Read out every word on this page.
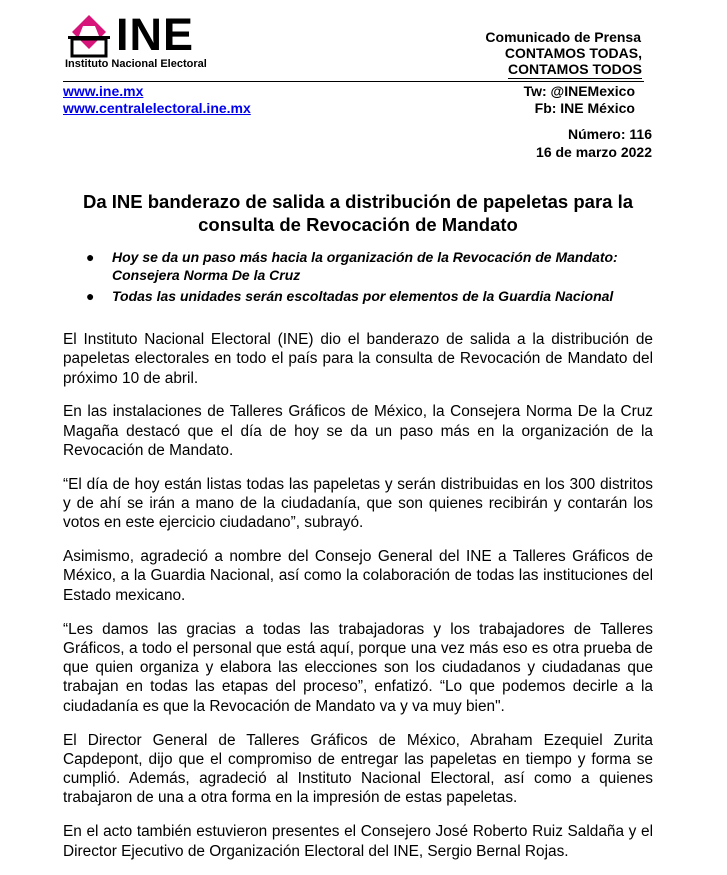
INE
Instituto Nacional Electoral
Comunicado de Prensa
CONTAMOS TODAS,
CONTAMOS TODOS
www.ine.mx
www.centralelectoral.ine.mx
Tw: @INEMexico
Fb: INE México
Número: 116
16 de marzo 2022
Da INE banderazo de salida a distribución de papeletas para la consulta de Revocación de Mandato
● Hoy se da un paso más hacia la organización de la Revocación de Mandato: Consejera Norma De la Cruz
● Todas las unidades serán escoltadas por elementos de la Guardia Nacional

El Instituto Nacional Electoral (INE) dio el banderazo de salida a la distribución de papeletas electorales en todo el país para la consulta de Revocación de Mandato del próximo 10 de abril.

En las instalaciones de Talleres Gráficos de México, la Consejera Norma De la Cruz Magaña destacó que el día de hoy se da un paso más en la organización de la Revocación de Mandato.

“El día de hoy están listas todas las papeletas y serán distribuidas en los 300 distritos y de ahí se irán a mano de la ciudadanía, que son quienes recibirán y contarán los votos en este ejercicio ciudadano”, subrayó.

Asimismo, agradeció a nombre del Consejo General del INE a Talleres Gráficos de México, a la Guardia Nacional, así como la colaboración de todas las instituciones del Estado mexicano.

“Les damos las gracias a todas las trabajadoras y los trabajadores de Talleres Gráficos, a todo el personal que está aquí, porque una vez más eso es otra prueba de que quien organiza y elabora las elecciones son los ciudadanos y ciudadanas que trabajan en todas las etapas del proceso”, enfatizó. “Lo que podemos decirle a la ciudadanía es que la Revocación de Mandato va y va muy bien".

El Director General de Talleres Gráficos de México, Abraham Ezequiel Zurita Capdepont, dijo que el compromiso de entregar las papeletas en tiempo y forma se cumplió. Además, agradeció al Instituto Nacional Electoral, así como a quienes trabajaron de una a otra forma en la impresión de estas papeletas.

En el acto también estuvieron presentes el Consejero José Roberto Ruiz Saldaña y el Director Ejecutivo de Organización Electoral del INE, Sergio Bernal Rojas.
